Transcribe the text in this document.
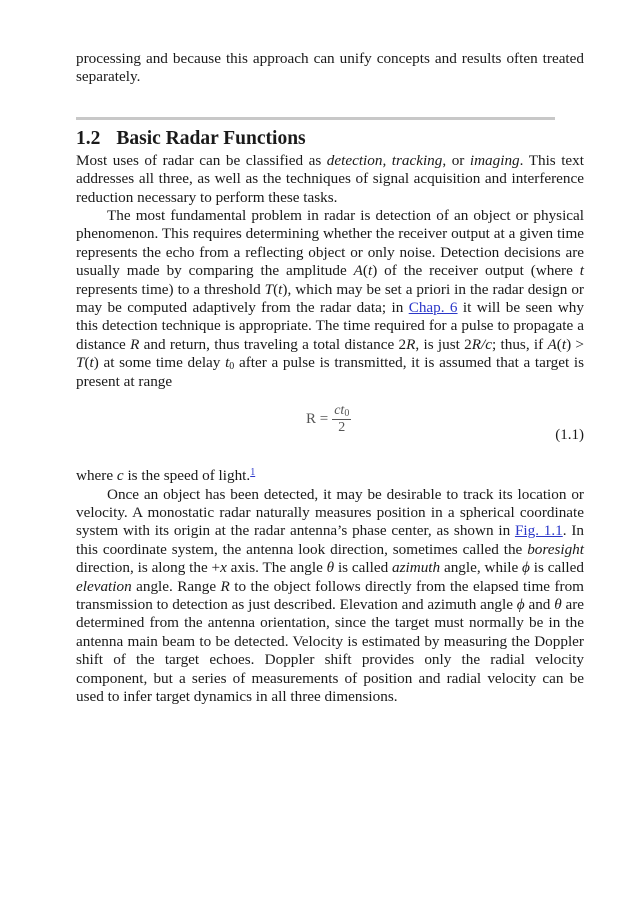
processing and because this approach can unify concepts and results often treated separately.

1.2 Basic Radar Functions

Most uses of radar can be classified as detection, tracking, or imaging. This text addresses all three, as well as the techniques of signal acquisition and interference reduction necessary to perform these tasks.

The most fundamental problem in radar is detection of an object or physical phenomenon. This requires determining whether the receiver output at a given time represents the echo from a reflecting object or only noise. Detection decisions are usually made by comparing the amplitude A(t) of the receiver output (where t represents time) to a threshold T(t), which may be set a priori in the radar design or may be computed adaptively from the radar data; in Chap. 6 it will be seen why this detection technique is appropriate. The time required for a pulse to propagate a distance R and return, thus traveling a total distance 2R, is just 2R/c; thus, if A(t) > T(t) at some time delay $t_0$ after a pulse is transmitted, it is assumed that a target is present at range

$R = \frac{ct_0}{2}$	(1.1)

where c is the speed of light.$^1$

Once an object has been detected, it may be desirable to track its location or velocity. A monostatic radar naturally measures position in a spherical coordinate system with its origin at the radar antenna’s phase center, as shown in Fig. 1.1. In this coordinate system, the antenna look direction, sometimes called the boresight direction, is along the +x axis. The angle θ is called azimuth angle, while ϕ is called elevation angle. Range R to the object follows directly from the elapsed time from transmission to detection as just described. Elevation and azimuth angle ϕ and θ are determined from the antenna orientation, since the target must normally be in the antenna main beam to be detected. Velocity is estimated by measuring the Doppler shift of the target echoes. Doppler shift provides only the radial velocity component, but a series of measurements of position and radial velocity can be used to infer target dynamics in all three dimensions.
